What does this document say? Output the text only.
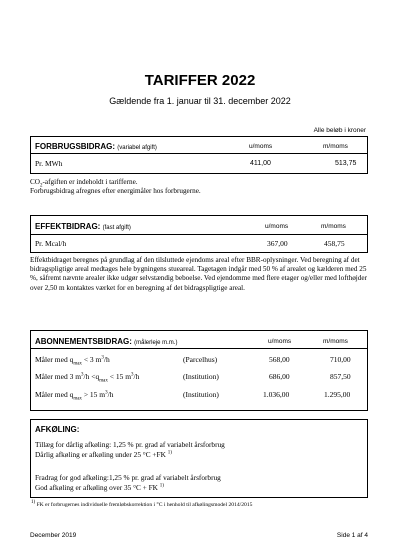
TARIFFER 2022
Gældende fra 1. januar til 31. december 2022
Alle beløb i kroner
FORBRUGSBIDRAG: (variabel afgift)	u/moms	m/moms
Pr. MWh	411,00	513,75
$CO_2$-afgiften er indeholdt i tarifferne.
Forbrugsbidrag afregnes efter energimåler hos forbrugerne.
EFFEKTBIDRAG: (fast afgift)	u/moms	m/moms
Pr. Mcal/h	367,00	458,75
Effektbidraget beregnes på grundlag af den tilsluttede ejendoms areal efter BBR-oplysninger. Ved beregning af det bidragspligtige areal medtages hele bygningens stueareal. Tagetagen indgår med 50 % af arealet og kælderen med 25 %, såfremt nævnte arealer ikke udgør selvstændig beboelse. Ved ejendomme med flere etager og/eller med lofthøjder over 2,50 m kontaktes værket for en beregning af det bidragspligtige areal.
ABONNEMENTSBIDRAG: (målerleje m.m.)	u/moms	m/moms
Måler med $q_{max} < 3$ $m^3/h$	(Parcelhus)	568,00	710,00
Måler med 3 $m^3/h <q_{max} < 15$ $m^3/h$	(Institution)	686,00	857,50
Måler med $q_{max} > 15$ $m^3/h$	(Institution)	1.036,00	1.295,00
AFKØLING:
Tillæg for dårlig afkøling: 1,25 % pr. grad af variabelt årsforbrug
Dårlig afkøling er afkøling under 25 °C +FK $^{1)}$
Fradrag for god afkøling:1,25 % pr. grad af variabelt årsforbrug
God afkøling er afkøling over 35 °C + FK $^{1)}$
$^{1)}$ FK er forbrugernes individuelle fremløbskorrektion i °C i henhold til afkølingsmodel 2014/2015
December 2019	Side 1 af 4
